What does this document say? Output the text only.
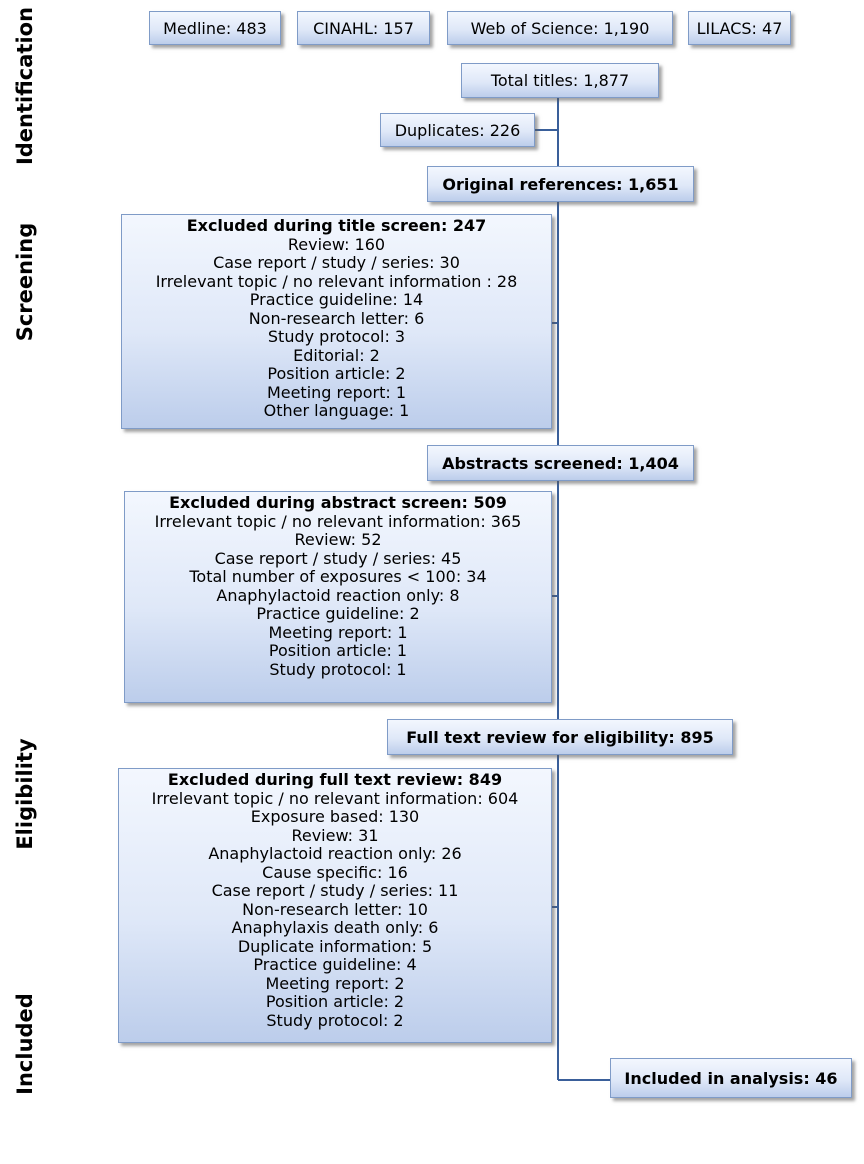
Identification
Screening
Eligibility
Included
Medline: 483	CINAHL: 157	Web of Science: 1,190	LILACS: 47
Total titles: 1,877
Duplicates: 226
Original references: 1,651
Excluded during title screen: 247
Review: 160
Case report / study / series: 30
Irrelevant topic / no relevant information : 28
Practice guideline: 14
Non-research letter: 6
Study protocol: 3
Editorial: 2
Position article: 2
Meeting report: 1
Other language: 1
Abstracts screened: 1,404
Excluded during abstract screen: 509
Irrelevant topic / no relevant information: 365
Review: 52
Case report / study / series: 45
Total number of exposures < 100: 34
Anaphylactoid reaction only: 8
Practice guideline: 2
Meeting report: 1
Position article: 1
Study protocol: 1
Full text review for eligibility: 895
Excluded during full text review: 849
Irrelevant topic / no relevant information: 604
Exposure based: 130
Review: 31
Anaphylactoid reaction only: 26
Cause specific: 16
Case report / study / series: 11
Non-research letter: 10
Anaphylaxis death only: 6
Duplicate information: 5
Practice guideline: 4
Meeting report: 2
Position article: 2
Study protocol: 2
Included in analysis: 46
